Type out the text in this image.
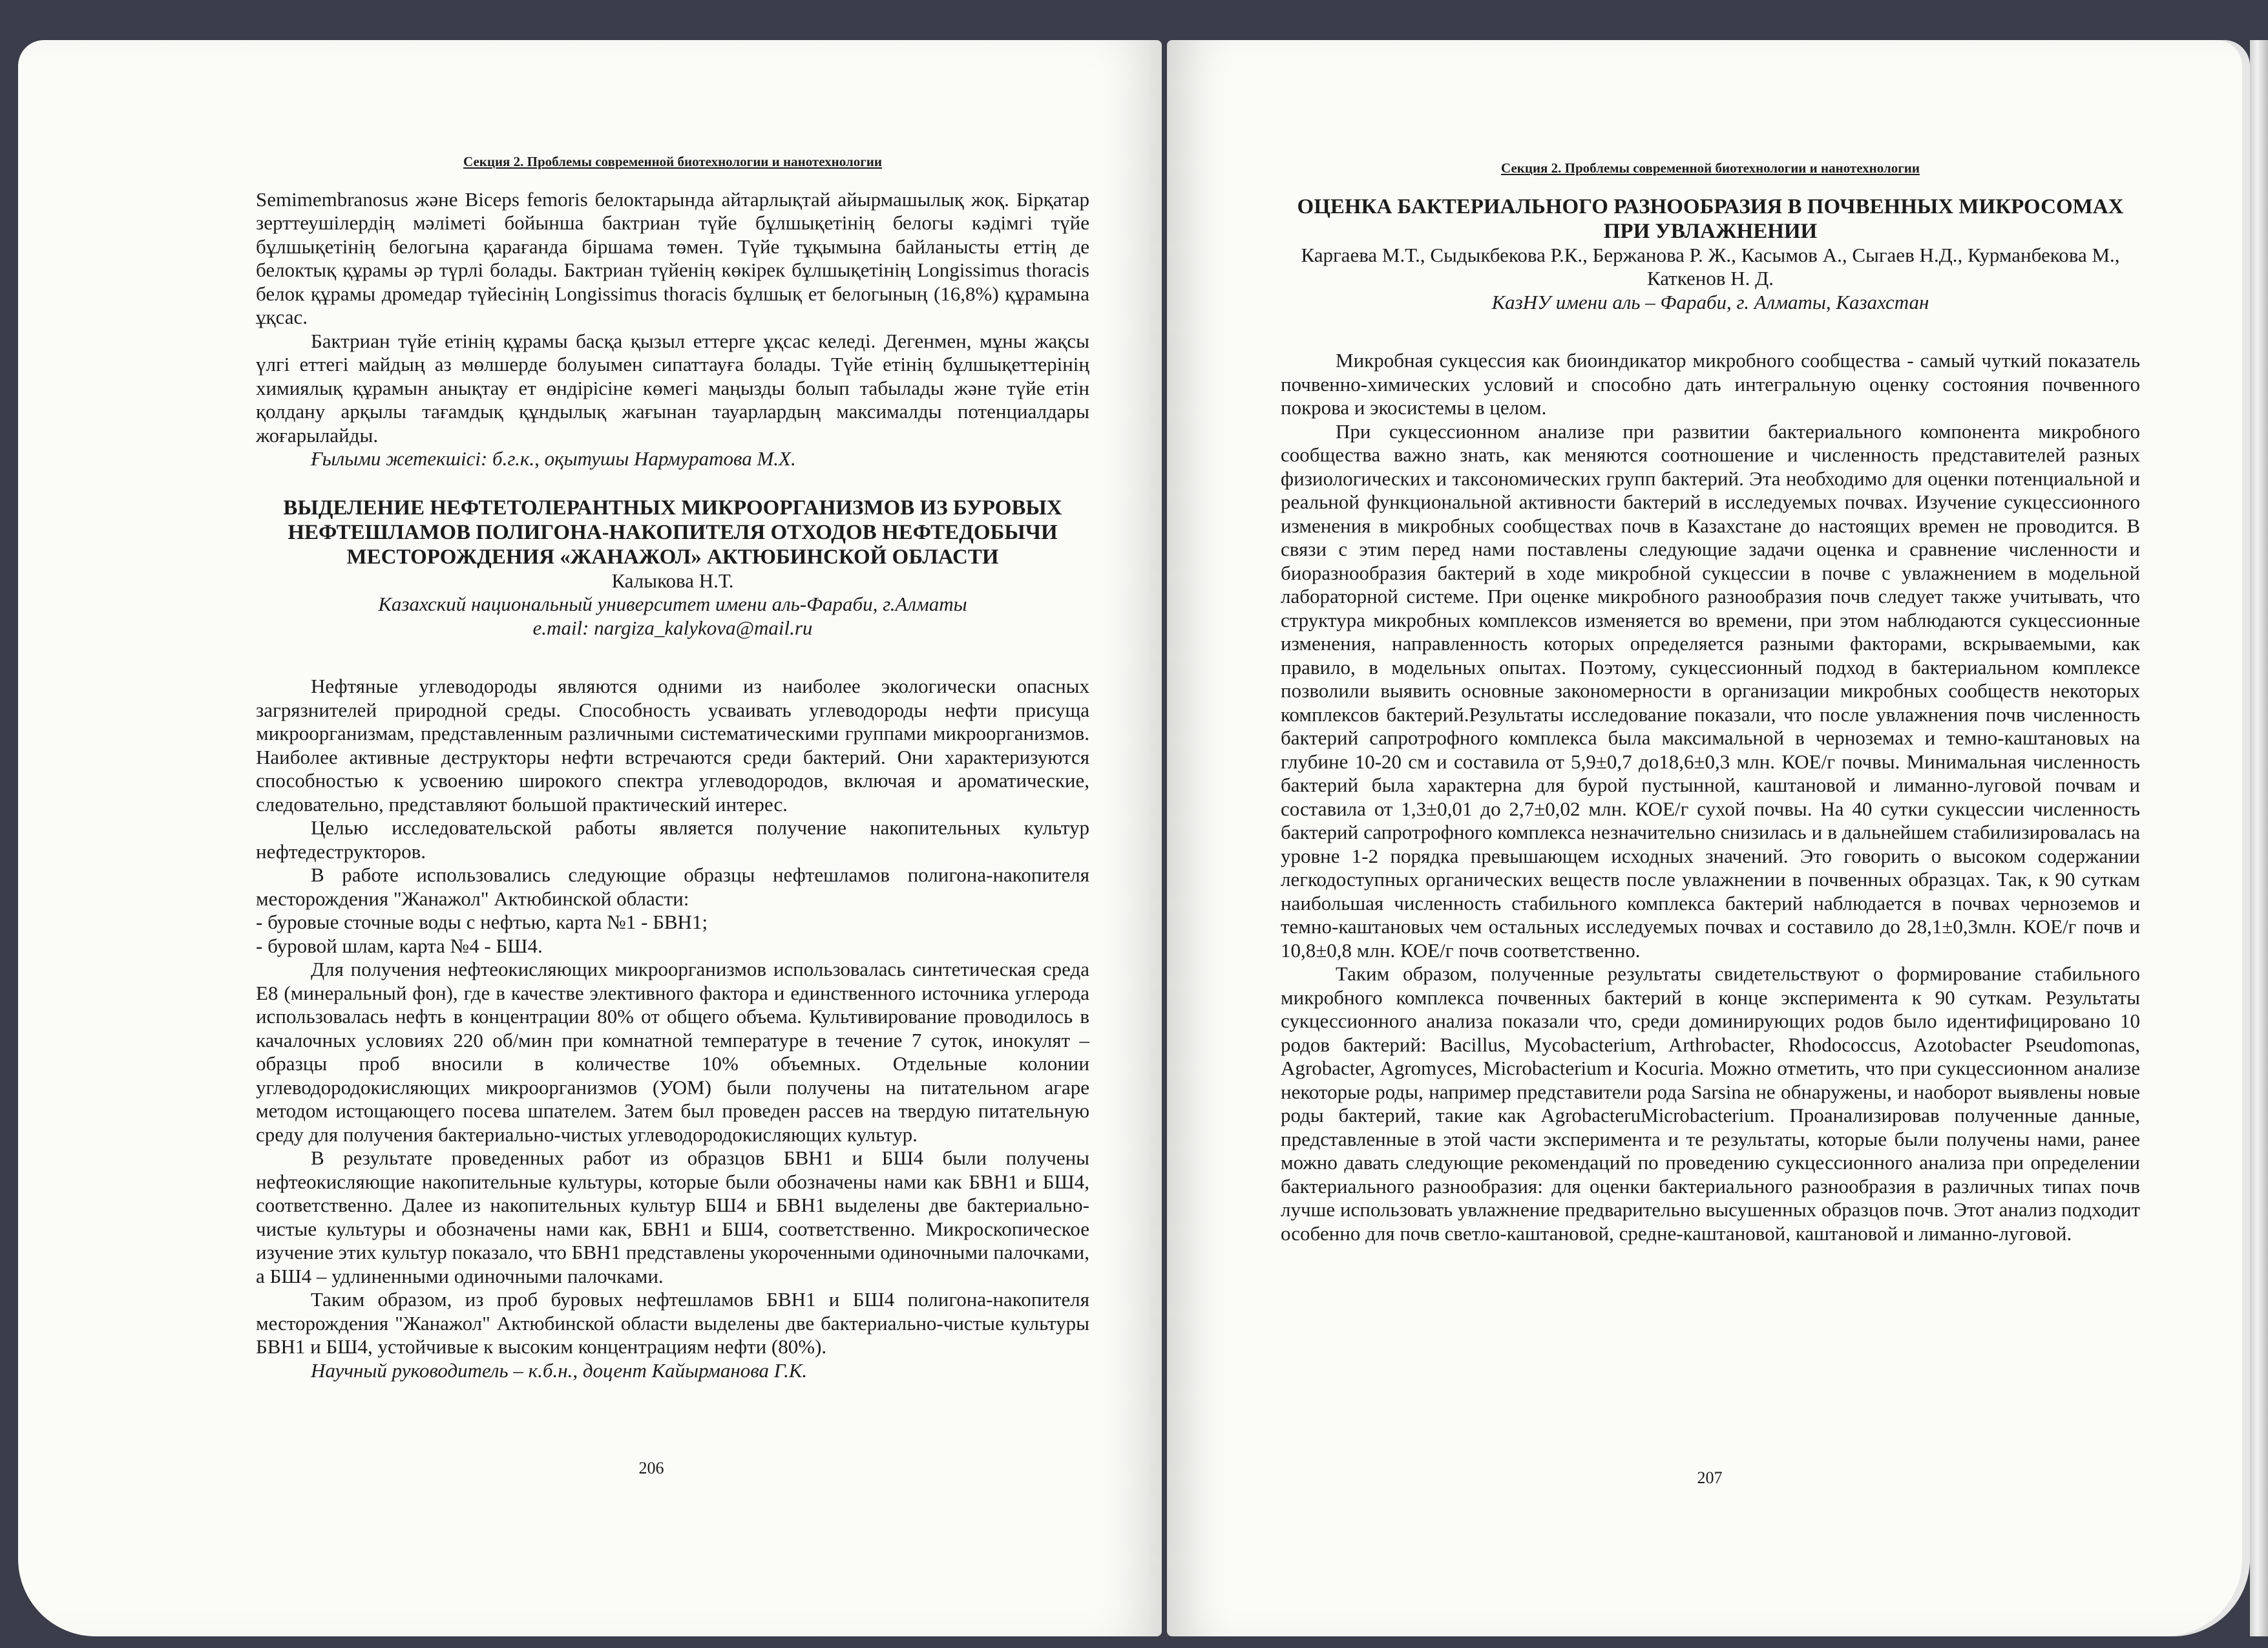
Секция 2. Проблемы современной биотехнологии и нанотехнологии

Semimembranosus және Biceps femoris белоктарында айтарлықтай айырмашылық жоқ. Бірқатар зерттеушілердің мәліметі бойынша бактриан түйе бұлшықетінің белогы кәдімгі түйе бұлшықетінің белогына қарағанда біршама төмен. Түйе тұқымына байланысты еттің де белоктық құрамы әр түрлі болады. Бактриан түйенің көкірек бұлшықетінің Longissimus thoracis белок құрамы дромедар түйесінің Longissimus thoracis бұлшық ет белогының (16,8%) құрамына ұқсас.

Бактриан түйе етінің құрамы басқа қызыл еттерге ұқсас келеді. Дегенмен, мұны жақсы үлгі еттегі майдың аз мөлшерде болуымен сипаттауға болады. Түйе етінің бұлшықеттерінің химиялық құрамын анықтау ет өндірісіне көмегі маңызды болып табылады және түйе етін қолдану арқылы тағамдық құндылық жағынан тауарлардың максималды потенциалдары жоғарылайды.

Ғылыми жетекшісі: б.г.к., оқытушы Нармуратова М.Х.

ВЫДЕЛЕНИЕ НЕФТЕТОЛЕРАНТНЫХ МИКРООРГАНИЗМОВ ИЗ БУРОВЫХ НЕФТЕШЛАМОВ ПОЛИГОНА-НАКОПИТЕЛЯ ОТХОДОВ НЕФТЕДОБЫЧИ МЕСТОРОЖДЕНИЯ «ЖАНАЖОЛ» АКТЮБИНСКОЙ ОБЛАСТИ

Калыкова Н.Т.

Казахский национальный университет имени аль-Фараби, г.Алматы

e.mail: nargiza_kalykova@mail.ru

Нефтяные углеводороды являются одними из наиболее экологически опасных загрязнителей природной среды. Способность усваивать углеводороды нефти присуща микроорганизмам, представленным различными систематическими группами микроорганизмов. Наиболее активные деструкторы нефти встречаются среди бактерий. Они характеризуются способностью к усвоению широкого спектра углеводородов, включая и ароматические, следовательно, представляют большой практический интерес.

Целью исследовательской работы является получение накопительных культур нефтедеструкторов.

В работе использовались следующие образцы нефтешламов полигона-накопителя месторождения "Жанажол" Актюбинской области:

- буровые сточные воды с нефтью, карта №1 - БВН1;

- буровой шлам, карта №4 - БШ4.

Для получения нефтеокисляющих микроорганизмов использовалась синтетическая среда Е8 (минеральный фон), где в качестве элективного фактора и единственного источника углерода использовалась нефть в концентрации 80% от общего объема. Культивирование проводилось в качалочных условиях 220 об/мин при комнатной температуре в течение 7 суток, инокулят – образцы проб вносили в количестве 10% объемных. Отдельные колонии углеводородокисляющих микроорганизмов (УОМ) были получены на питательном агаре методом истощающего посева шпателем. Затем был проведен рассев на твердую питательную среду для получения бактериально-чистых углеводородокисляющих культур.

В результате проведенных работ из образцов БВН1 и БШ4 были получены нефтеокисляющие накопительные культуры, которые были обозначены нами как БВН1 и БШ4, соответственно. Далее из накопительных культур БШ4 и БВН1 выделены две бактериально-чистые культуры и обозначены нами как, БВН1 и БШ4, соответственно. Микроскопическое изучение этих культур показало, что БВН1 представлены укороченными одиночными палочками, а БШ4 – удлиненными одиночными палочками.

Таким образом, из проб буровых нефтешламов БВН1 и БШ4 полигона-накопителя месторождения "Жанажол" Актюбинской области выделены две бактериально-чистые культуры БВН1 и БШ4, устойчивые к высоким концентрациям нефти (80%).

Научный руководитель – к.б.н., доцент Кайырманова Г.К.

206
Секция 2. Проблемы современной биотехнологии и нанотехнологии
ОЦЕНКА БАКТЕРИАЛЬНОГО РАЗНООБРАЗИЯ В ПОЧВЕННЫХ МИКРОСОМАХ ПРИ УВЛАЖНЕНИИ

Каргаева М.Т., Сыдыкбекова Р.К., Бержанова Р. Ж., Касымов А., Сыгаев Н.Д., Курманбекова М., Каткенов Н. Д.

КазНУ имени аль – Фараби, г. Алматы, Казахстан

Микробная сукцессия как биоиндикатор микробного сообщества - самый чуткий показатель почвенно-химических условий и способно дать интегральную оценку состояния почвенного покрова и экосистемы в целом.

При сукцессионном анализе при развитии бактериального компонента микробного сообщества важно знать, как меняются соотношение и численность представителей разных физиологических и таксономических групп бактерий. Эта необходимо для оценки потенциальной и реальной функциональной активности бактерий в исследуемых почвах. Изучение сукцессионного изменения в микробных сообществах почв в Казахстане до настоящих времен не проводится. В связи с этим перед нами поставлены следующие задачи оценка и сравнение численности и биоразнообразия бактерий в ходе микробной сукцессии в почве с увлажнением в модельной лабораторной системе. При оценке микробного разнообразия почв следует также учитывать, что структура микробных комплексов изменяется во времени, при этом наблюдаются сукцессионные изменения, направленность которых определяется разными факторами, вскрываемыми, как правило, в модельных опытах. Поэтому, сукцессионный подход в бактериальном комплексе позволили выявить основные закономерности в организации микробных сообществ некоторых комплексов бактерий.Результаты исследование показали, что после увлажнения почв численность бактерий сапротрофного комплекса была максимальной в черноземах и темно-каштановых на глубине 10-20 см и составила от 5,9±0,7 до18,6±0,3 млн. КОЕ/г почвы. Минимальная численность бактерий была характерна для бурой пустынной, каштановой и лиманно-луговой почвам и составила от 1,3±0,01 до 2,7±0,02 млн. КОЕ/г сухой почвы. На 40 сутки сукцессии численность бактерий сапротрофного комплекса незначительно снизилась и в дальнейшем стабилизировалась на уровне 1-2 порядка превышающем исходных значений. Это говорить о высоком содержании легкодоступных органических веществ после увлажнении в почвенных образцах. Так, к 90 суткам наибольшая численность стабильного комплекса бактерий наблюдается в почвах черноземов и темно-каштановых чем остальных исследуемых почвах и составило до 28,1±0,3млн. КОЕ/г почв и 10,8±0,8 млн. КОЕ/г почв соответственно.

Таким образом, полученные результаты свидетельствуют о формирование стабильного микробного комплекса почвенных бактерий в конце эксперимента к 90 суткам. Результаты сукцессионного анализа показали что, среди доминирующих родов было идентифицировано 10 родов бактерий: Bacillus, Mycobacterium, Arthrobacter, Rhodococcus, Azotobacter Pseudomonas, Agrobacter, Agromyces, Microbacterium и Kocuria. Можно отметить, что при сукцессионном анализе некоторые роды, например представители рода Sarsina не обнаружены, и наоборот выявлены новые роды бактерий, такие как AgrobacteruMicrobacterium. Проанализировав полученные данные, представленные в этой части эксперимента и те результаты, которые были получены нами, ранее можно давать следующие рекомендаций по проведению сукцессионного анализа при определении бактериального разнообразия: для оценки бактериального разнообразия в различных типах почв лучше использовать увлажнение предварительно высушенных образцов почв. Этот анализ подходит особенно для почв светло-каштановой, средне-каштановой, каштановой и лиманно-луговой.

207
